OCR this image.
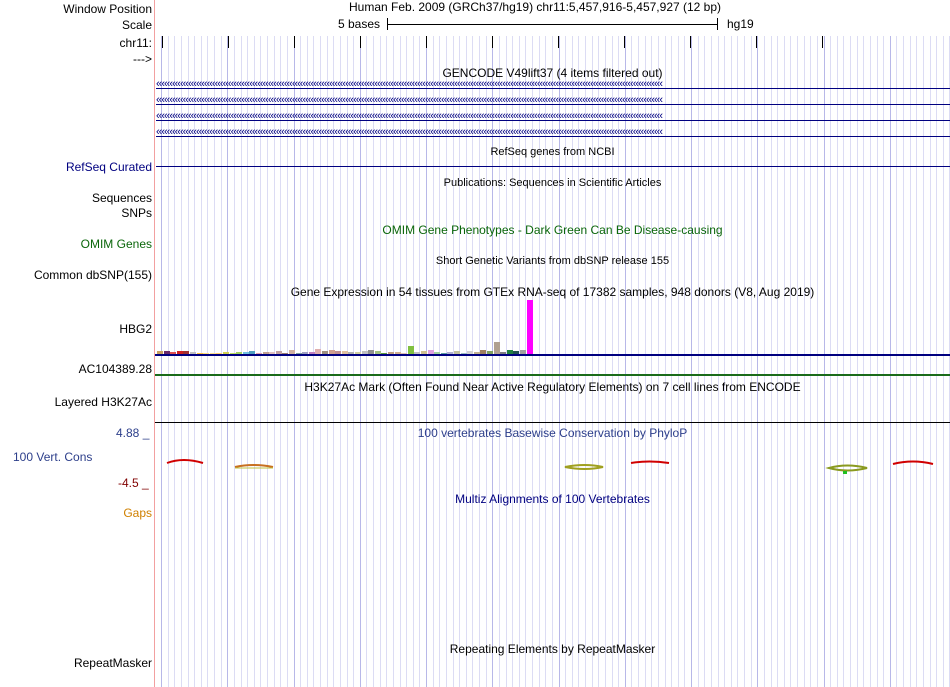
Window Position
Scale
chr11:
--->
Human Feb. 2009 (GRCh37/hg19) chr11:5,457,916-5,457,927 (12 bp)
5 bases	hg19
GENCODE V49lift37 (4 items filtered out)
‹‹‹‹‹‹‹‹‹‹‹‹‹‹‹‹‹‹‹‹‹‹‹‹‹‹‹‹‹‹‹‹‹‹‹‹‹‹‹‹‹‹‹‹‹‹‹‹‹‹‹‹‹‹‹‹‹‹‹‹‹‹‹‹‹‹‹‹‹‹‹‹‹‹‹‹‹‹‹‹‹‹‹‹‹‹‹‹‹‹‹‹‹‹‹‹‹‹‹‹‹‹‹‹‹‹‹‹‹‹‹‹‹‹‹‹‹‹‹‹‹‹‹‹‹‹‹‹‹‹‹‹‹‹‹‹‹‹‹‹‹‹‹‹‹‹‹‹‹‹‹‹‹‹‹‹‹‹‹‹‹‹‹‹‹‹‹‹‹‹‹‹‹‹‹‹‹‹‹‹‹‹‹‹‹‹‹‹‹‹
‹‹‹‹‹‹‹‹‹‹‹‹‹‹‹‹‹‹‹‹‹‹‹‹‹‹‹‹‹‹‹‹‹‹‹‹‹‹‹‹‹‹‹‹‹‹‹‹‹‹‹‹‹‹‹‹‹‹‹‹‹‹‹‹‹‹‹‹‹‹‹‹‹‹‹‹‹‹‹‹‹‹‹‹‹‹‹‹‹‹‹‹‹‹‹‹‹‹‹‹‹‹‹‹‹‹‹‹‹‹‹‹‹‹‹‹‹‹‹‹‹‹‹‹‹‹‹‹‹‹‹‹‹‹‹‹‹‹‹‹‹‹‹‹‹‹‹‹‹‹‹‹‹‹‹‹‹‹‹‹‹‹‹‹‹‹‹‹‹‹‹‹‹‹‹‹‹‹‹‹‹‹‹‹‹‹‹‹‹‹
‹‹‹‹‹‹‹‹‹‹‹‹‹‹‹‹‹‹‹‹‹‹‹‹‹‹‹‹‹‹‹‹‹‹‹‹‹‹‹‹‹‹‹‹‹‹‹‹‹‹‹‹‹‹‹‹‹‹‹‹‹‹‹‹‹‹‹‹‹‹‹‹‹‹‹‹‹‹‹‹‹‹‹‹‹‹‹‹‹‹‹‹‹‹‹‹‹‹‹‹‹‹‹‹‹‹‹‹‹‹‹‹‹‹‹‹‹‹‹‹‹‹‹‹‹‹‹‹‹‹‹‹‹‹‹‹‹‹‹‹‹‹‹‹‹‹‹‹‹‹‹‹‹‹‹‹‹‹‹‹‹‹‹‹‹‹‹‹‹‹‹‹‹‹‹‹‹‹‹‹‹‹‹‹‹‹‹‹‹‹
‹‹‹‹‹‹‹‹‹‹‹‹‹‹‹‹‹‹‹‹‹‹‹‹‹‹‹‹‹‹‹‹‹‹‹‹‹‹‹‹‹‹‹‹‹‹‹‹‹‹‹‹‹‹‹‹‹‹‹‹‹‹‹‹‹‹‹‹‹‹‹‹‹‹‹‹‹‹‹‹‹‹‹‹‹‹‹‹‹‹‹‹‹‹‹‹‹‹‹‹‹‹‹‹‹‹‹‹‹‹‹‹‹‹‹‹‹‹‹‹‹‹‹‹‹‹‹‹‹‹‹‹‹‹‹‹‹‹‹‹‹‹‹‹‹‹‹‹‹‹‹‹‹‹‹‹‹‹‹‹‹‹‹‹‹‹‹‹‹‹‹‹‹‹‹‹‹‹‹‹‹‹‹‹‹‹‹‹‹‹
RefSeq Curated
RefSeq genes from NCBI
Publications: Sequences in Scientific Articles
Sequences
SNPs
OMIM Gene Phenotypes - Dark Green Can Be Disease-causing
OMIM Genes
Short Genetic Variants from dbSNP release 155
Common dbSNP(155)
Gene Expression in 54 tissues from GTEx RNA-seq of 17382 samples, 948 donors (V8, Aug 2019)
HBG2
AC104389.28
H3K27Ac Mark (Often Found Near Active Regulatory Elements) on 7 cell lines from ENCODE
Layered H3K27Ac
4.88 _	100 vertebrates Basewise Conservation by PhyloP
100 Vert. Cons
-4.5 _
Multiz Alignments of 100 Vertebrates
Gaps
Repeating Elements by RepeatMasker
RepeatMasker
